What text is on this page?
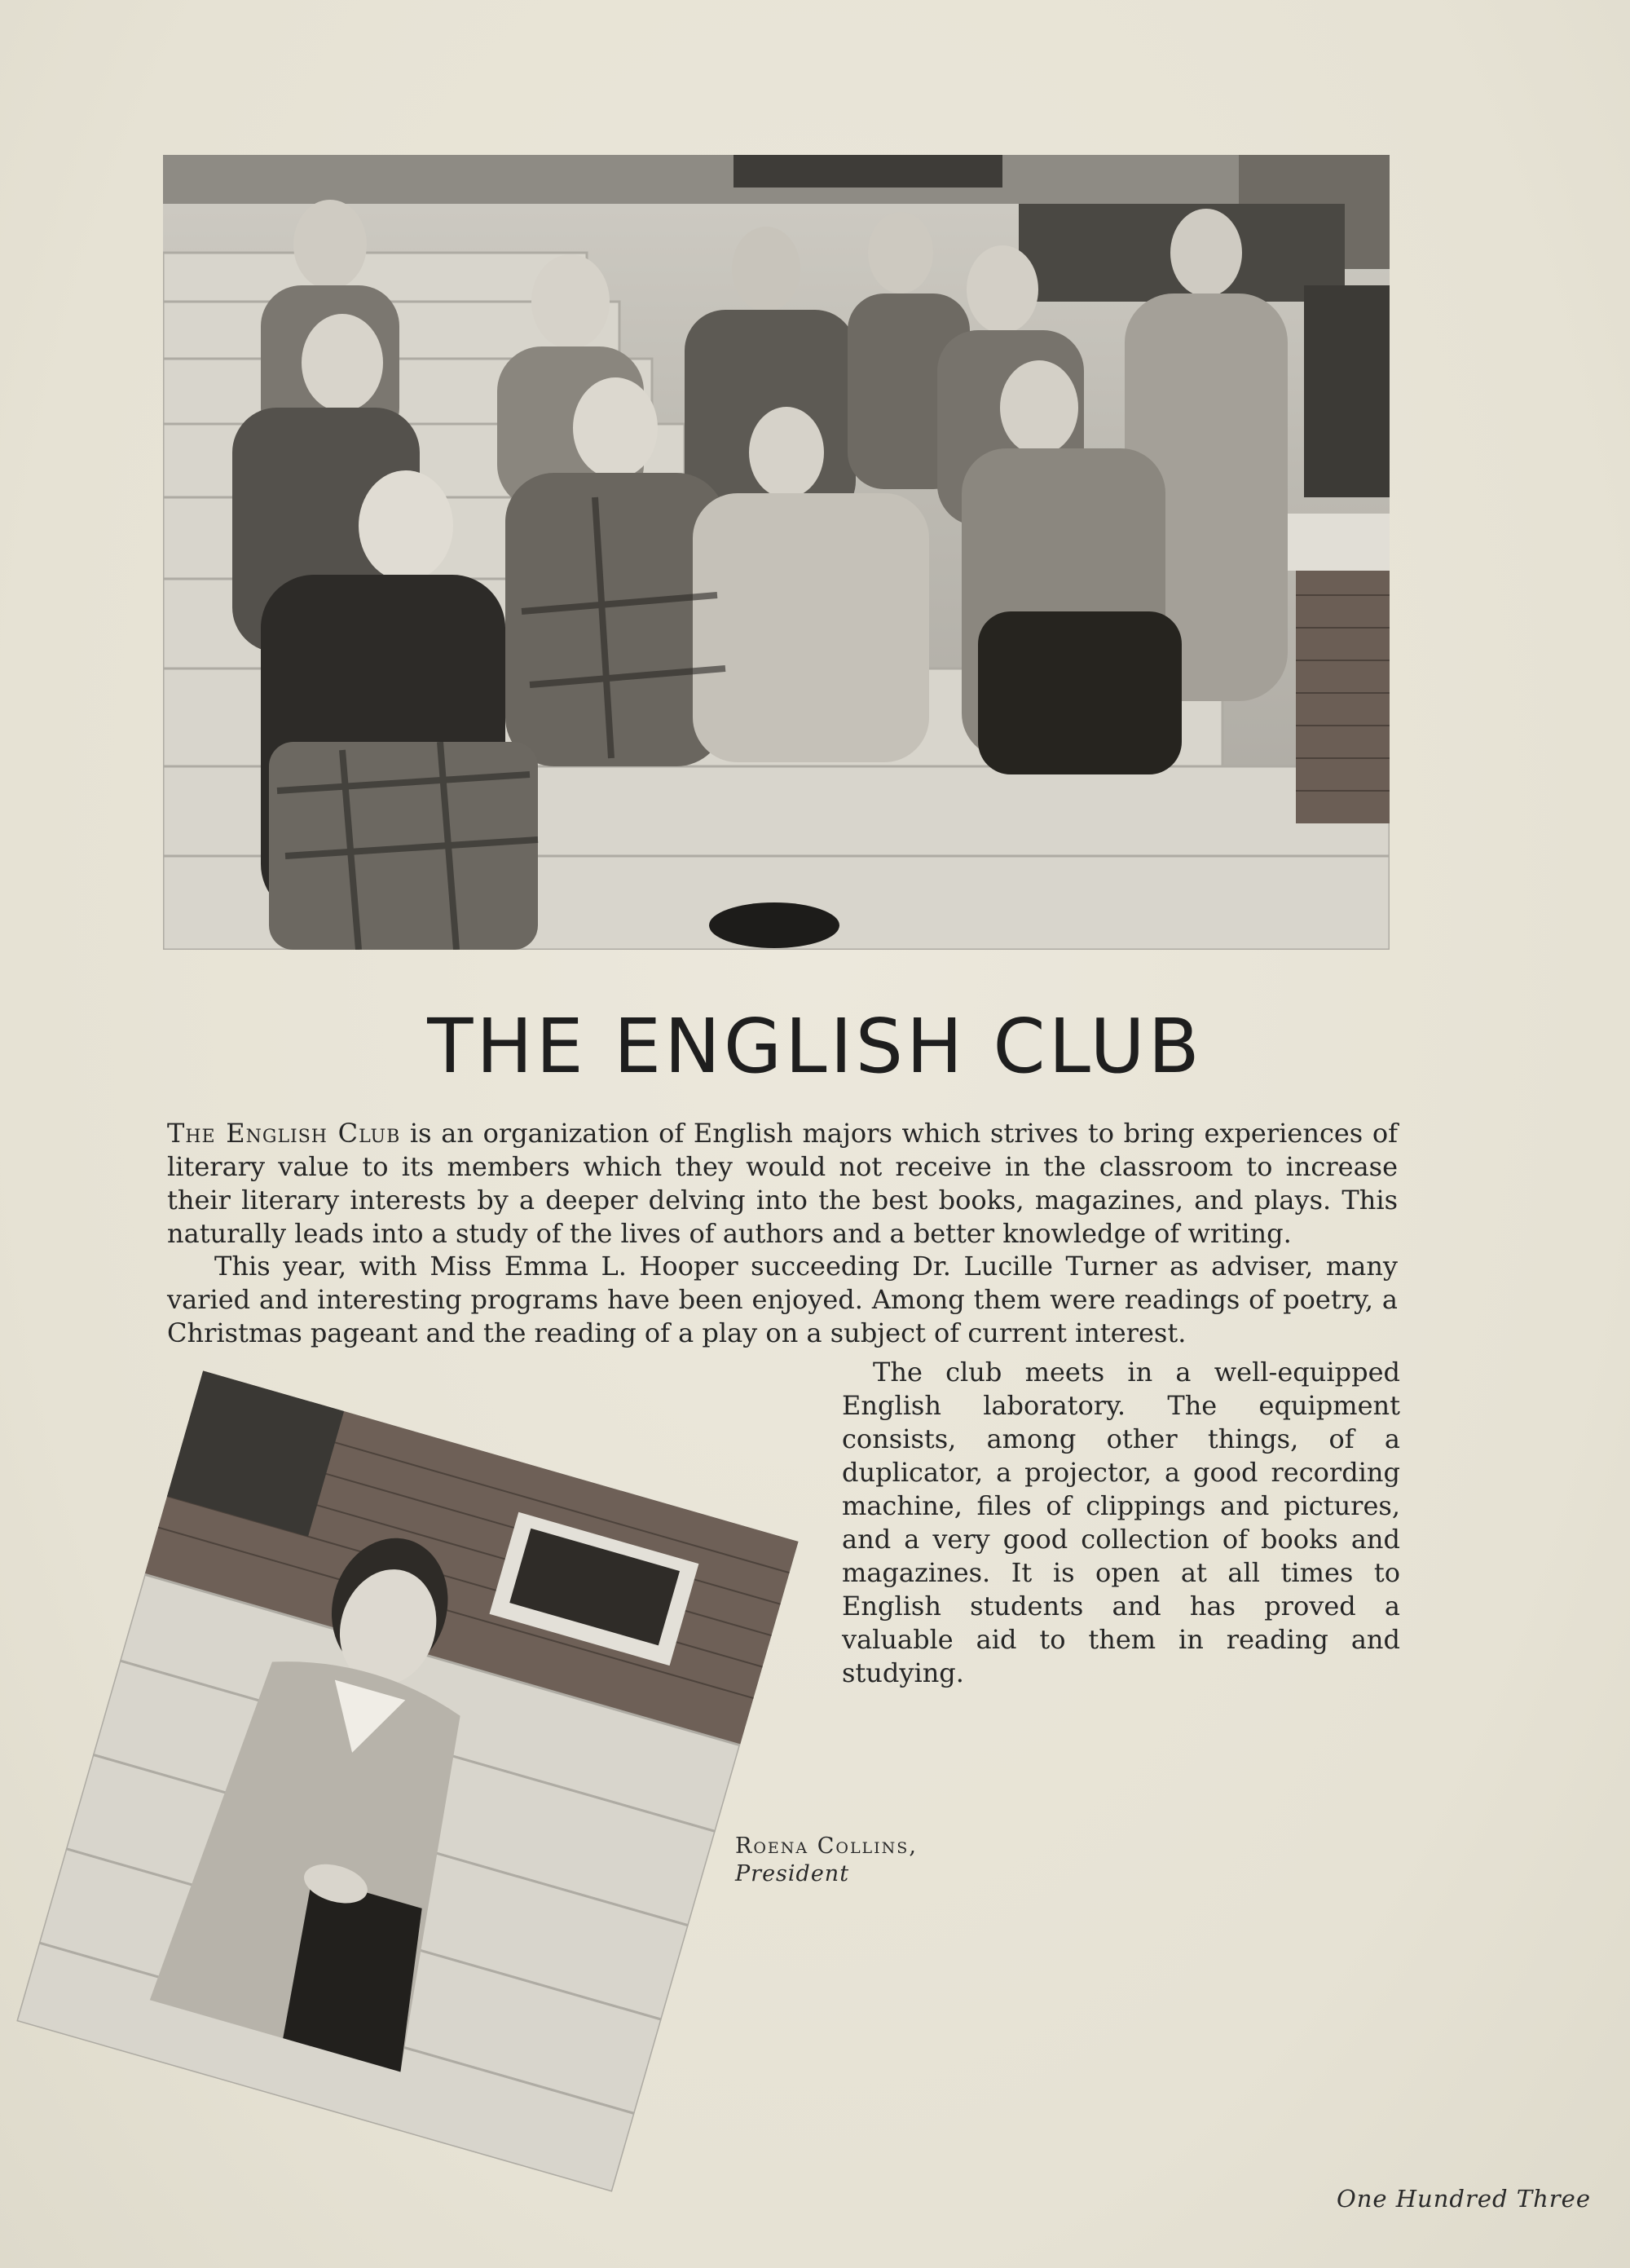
THE ENGLISH CLUB

The English Club is an organization of English majors which strives to bring experiences of literary value to its members which they would not receive in the classroom to increase their literary interests by a deeper delving into the best books, magazines, and plays. This naturally leads into a study of the lives of authors and a better knowledge of writing.

This year, with Miss Emma L. Hooper succeeding Dr. Lucille Turner as adviser, many varied and interesting programs have been enjoyed. Among them were readings of poetry, a Christmas pageant and the reading of a play on a subject of current interest.

The club meets in a well-equipped English laboratory. The equipment consists, among other things, of a duplicator, a projector, a good recording machine, files of clippings and pictures, and a very good collection of books and magazines. It is open at all times to English students and has proved a valuable aid to them in reading and studying.

Roena Collins,
President
One Hundred Three
